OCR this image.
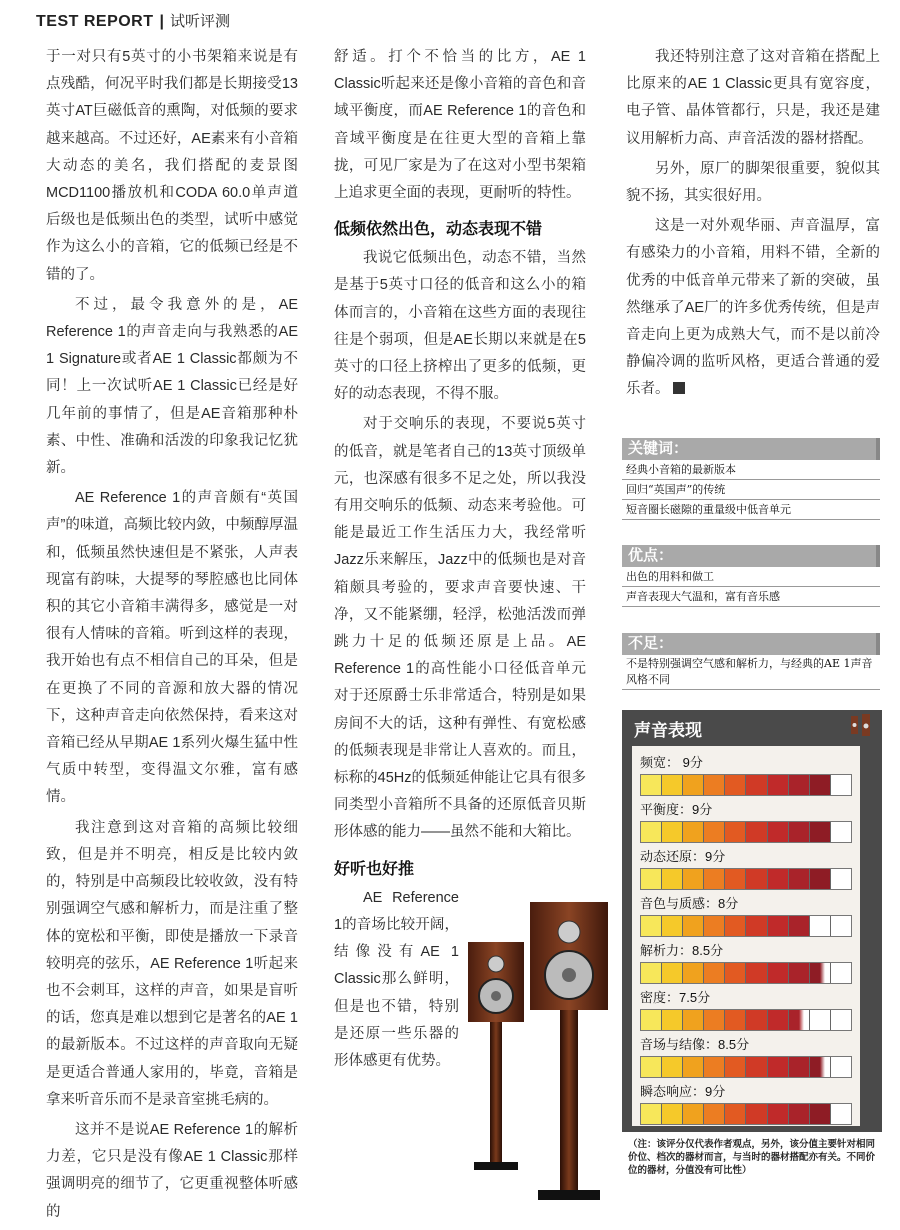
TEST REPORT | 试听评测

于一对只有5英寸的小书架箱来说是有点残酷，何况平时我们都是长期接受13英寸AT巨磁低音的熏陶，对低频的要求越来越高。不过还好，AE素来有小音箱大动态的美名，我们搭配的麦景图MCD1100播放机和CODA 60.0单声道后级也是低频出色的类型，试听中感觉作为这么小的音箱，它的低频已经是不错的了。

不过，最令我意外的是，AE Reference 1的声音走向与我熟悉的AE 1 Signature或者AE 1 Classic都颇为不同！上一次试听AE 1 Classic已经是好几年前的事情了，但是AE音箱那种朴素、中性、准确和活泼的印象我记忆犹新。

AE Reference 1的声音颇有“英国声”的味道，高频比较内敛，中频醇厚温和，低频虽然快速但是不紧张，人声表现富有韵味，大提琴的琴腔感也比同体积的其它小音箱丰满得多，感觉是一对很有人情味的音箱。听到这样的表现，我开始也有点不相信自己的耳朵，但是在更换了不同的音源和放大器的情况下，这种声音走向依然保持，看来这对音箱已经从早期AE 1系列火爆生猛中性气质中转型，变得温文尔雅，富有感情。

我注意到这对音箱的高频比较细致，但是并不明亮，相反是比较内敛的，特别是中高频段比较收敛，没有特别强调空气感和解析力，而是注重了整体的宽松和平衡，即使是播放一下录音较明亮的弦乐，AE Reference 1听起来也不会刺耳，这样的声音，如果是盲听的话，您真是难以想到它是著名的AE 1的最新版本。不过这样的声音取向无疑是更适合普通人家用的，毕竟，音箱是拿来听音乐而不是录音室挑毛病的。

这并不是说AE Reference 1的解析力差，它只是没有像AE 1 Classic那样强调明亮的细节了，它更重视整体听感的

舒适。打个不恰当的比方，AE 1 Classic听起来还是像小音箱的音色和音域平衡度，而AE Reference 1的音色和音域平衡度是在往更大型的音箱上靠拢，可见厂家是为了在这对小型书架箱上追求更全面的表现，更耐听的特性。

低频依然出色，动态表现不错

我说它低频出色，动态不错，当然是基于5英寸口径的低音和这么小的箱体而言的，小音箱在这些方面的表现往往是个弱项，但是AE长期以来就是在5英寸的口径上挤榨出了更多的低频，更好的动态表现，不得不服。

对于交响乐的表现，不要说5英寸的低音，就是笔者自己的13英寸顶级单元，也深感有很多不足之处，所以我没有用交响乐的低频、动态来考验他。可能是最近工作生活压力大，我经常听Jazz乐来解压，Jazz中的低频也是对音箱颇具考验的，要求声音要快速、干净，又不能紧绷，轻浮，松弛活泼而弹跳力十足的低频还原是上品。AE Reference 1的高性能小口径低音单元对于还原爵士乐非常适合，特别是如果房间不大的话，这种有弹性、有宽松感的低频表现是非常让人喜欢的。而且，标称的45Hz的低频延伸能让它具有很多同类型小音箱所不具备的还原低音贝斯形体感的能力——虽然不能和大箱比。

好听也好推

AE Reference 1的音场比较开阔，结像没有AE 1 Classic那么鲜明，但是也不错，特别是还原一些乐器的形体感更有优势。

我还特别注意了这对音箱在搭配上比原来的AE 1 Classic更具有宽容度，电子管、晶体管都行，只是，我还是建议用解析力高、声音活泼的器材搭配。

另外，原厂的脚架很重要，貌似其貌不扬，其实很好用。

这是一对外观华丽、声音温厚，富有感染力的小音箱，用料不错，全新的优秀的中低音单元带来了新的突破，虽然继承了AE厂的许多优秀传统，但是声音走向上更为成熟大气，而不是以前冷静偏冷调的监听风格，更适合普通的爱乐者。

关键词：
经典小音箱的最新版本
回归“英国声”的传统
短音圈长磁隙的重量级中低音单元
优点：
出色的用料和做工
声音表现大气温和，富有音乐感
不足：
不是特别强调空气感和解析力，与经典的AE 1声音风格不同
声音表现
频宽： 9分
平衡度：9分
动态还原：9分
音色与质感：8分
解析力：8.5分
密度：7.5分
音场与结像：8.5分
瞬态响应：9分
（注：该评分仅代表作者观点，另外，该分值主要针对相同价位、档次的器材而言，与当时的器材搭配亦有关。不同价位的器材，分值没有可比性）
